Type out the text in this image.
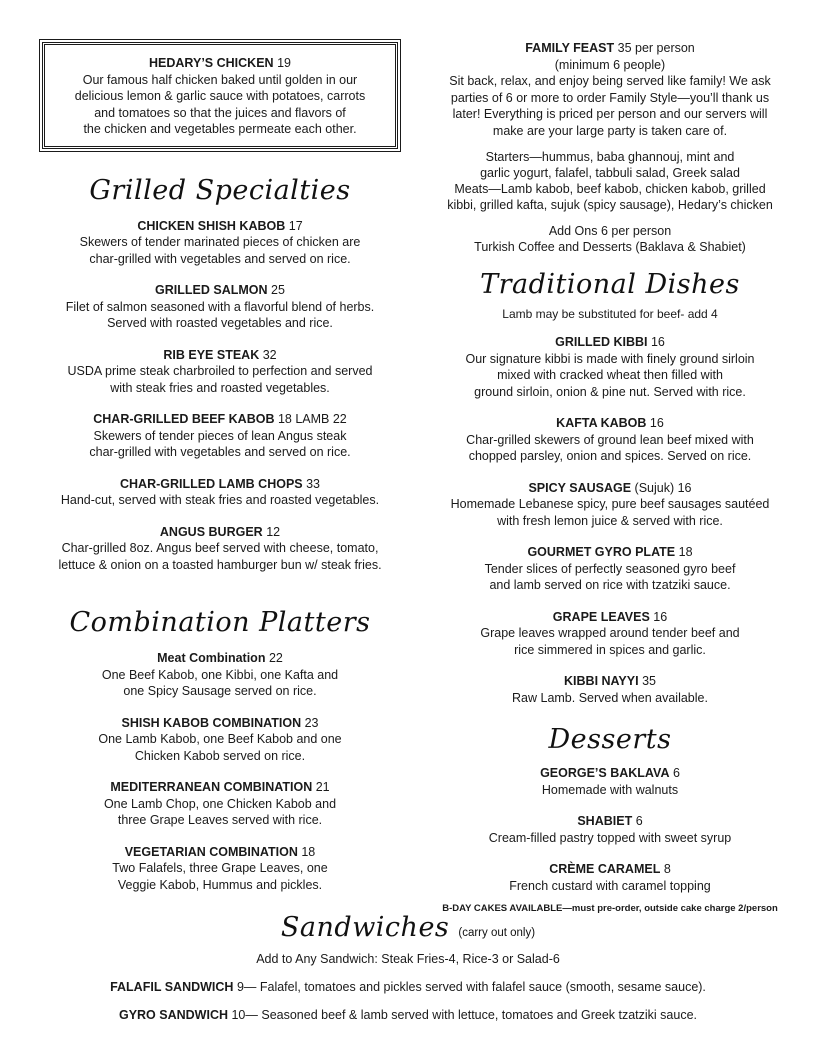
HEDARY’S CHICKEN 19
Our famous half chicken baked until golden in our
delicious lemon & garlic sauce with potatoes, carrots
and tomatoes so that the juices and flavors of
the chicken and vegetables permeate each other.
Grilled Specialties
CHICKEN SHISH KABOB 17
Skewers of tender marinated pieces of chicken are
char-grilled with vegetables and served on rice.
GRILLED SALMON 25
Filet of salmon seasoned with a flavorful blend of herbs.
Served with roasted vegetables and rice.
RIB EYE STEAK 32
USDA prime steak charbroiled to perfection and served
with steak fries and roasted vegetables.
CHAR-GRILLED BEEF KABOB 18 LAMB 22
Skewers of tender pieces of lean Angus steak
char-grilled with vegetables and served on rice.
CHAR-GRILLED LAMB CHOPS 33
Hand-cut, served with steak fries and roasted vegetables.
ANGUS BURGER 12
Char-grilled 8oz. Angus beef served with cheese, tomato,
lettuce & onion on a toasted hamburger bun w/ steak fries.
Combination Platters
Meat Combination 22
One Beef Kabob, one Kibbi, one Kafta and
one Spicy Sausage served on rice.
SHISH KABOB COMBINATION 23
One Lamb Kabob, one Beef Kabob and one
Chicken Kabob served on rice.
MEDITERRANEAN COMBINATION 21
One Lamb Chop, one Chicken Kabob and
three Grape Leaves served with rice.
VEGETARIAN COMBINATION 18
Two Falafels, three Grape Leaves, one
Veggie Kabob, Hummus and pickles.
FAMILY FEAST 35 per person
(minimum 6 people)
Sit back, relax, and enjoy being served like family! We ask
parties of 6 or more to order Family Style—you’ll thank us
later! Everything is priced per person and our servers will
make are your large party is taken care of.
Starters—hummus, baba ghannouj, mint and
garlic yogurt, falafel, tabbuli salad, Greek salad
Meats—Lamb kabob, beef kabob, chicken kabob, grilled
kibbi, grilled kafta, sujuk (spicy sausage), Hedary’s chicken
Add Ons 6 per person
Turkish Coffee and Desserts (Baklava & Shabiet)
Traditional Dishes
Lamb may be substituted for beef- add 4
GRILLED KIBBI 16
Our signature kibbi is made with finely ground sirloin
mixed with cracked wheat then filled with
ground sirloin, onion & pine nut. Served with rice.
KAFTA KABOB 16
Char-grilled skewers of ground lean beef mixed with
chopped parsley, onion and spices. Served on rice.
SPICY SAUSAGE (Sujuk) 16
Homemade Lebanese spicy, pure beef sausages sautéed
with fresh lemon juice & served with rice.
GOURMET GYRO PLATE 18
Tender slices of perfectly seasoned gyro beef
and lamb served on rice with tzatziki sauce.
GRAPE LEAVES 16
Grape leaves wrapped around tender beef and
rice simmered in spices and garlic.
KIBBI NAYYI 35
Raw Lamb. Served when available.
Desserts
GEORGE’S BAKLAVA 6
Homemade with walnuts
SHABIET 6
Cream-filled pastry topped with sweet syrup
CRÈME CARAMEL 8
French custard with caramel topping
B-DAY CAKES AVAILABLE—must pre-order, outside cake charge 2/person
Sandwiches (carry out only)
Add to Any Sandwich: Steak Fries-4, Rice-3 or Salad-6
FALAFIL SANDWICH 9— Falafel, tomatoes and pickles served with falafel sauce (smooth, sesame sauce).
GYRO SANDWICH 10— Seasoned beef & lamb served with lettuce, tomatoes and Greek tzatziki sauce.
